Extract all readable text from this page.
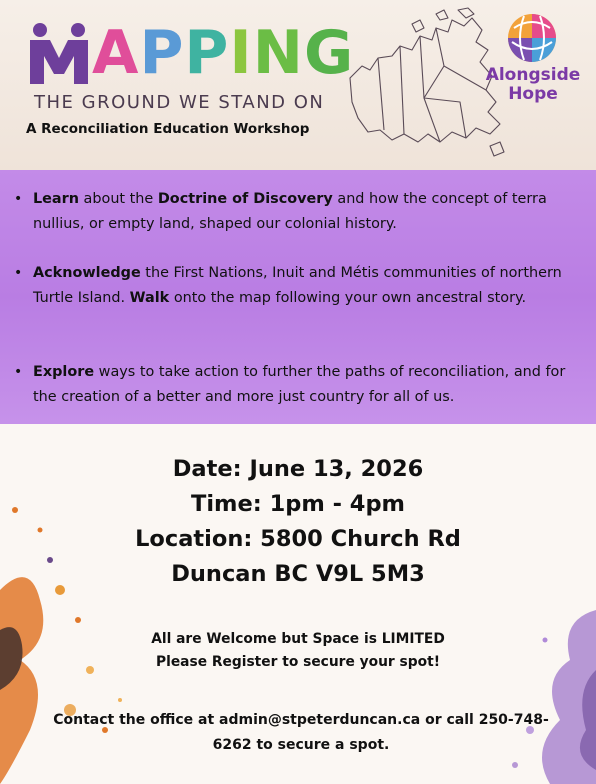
A P P I N G
THE GROUND WE STAND ON
A Reconciliation Education Workshop
Alongside
Hope
• Learn about the Doctrine of Discovery and how the concept of terra nullius, or empty land, shaped our colonial history.
• Acknowledge the First Nations, Inuit and Métis communities of northern Turtle Island. Walk onto the map following your own ancestral story.
• Explore ways to take action to further the paths of reconciliation, and for the creation of a better and more just country for all of us.
Date: June 13, 2026
Time: 1pm - 4pm
Location: 5800 Church Rd
Duncan BC V9L 5M3
All are Welcome but Space is LIMITED
Please Register to secure your spot!
Contact the office at admin@stpeterduncan.ca or call 250-748-
6262 to secure a spot.
